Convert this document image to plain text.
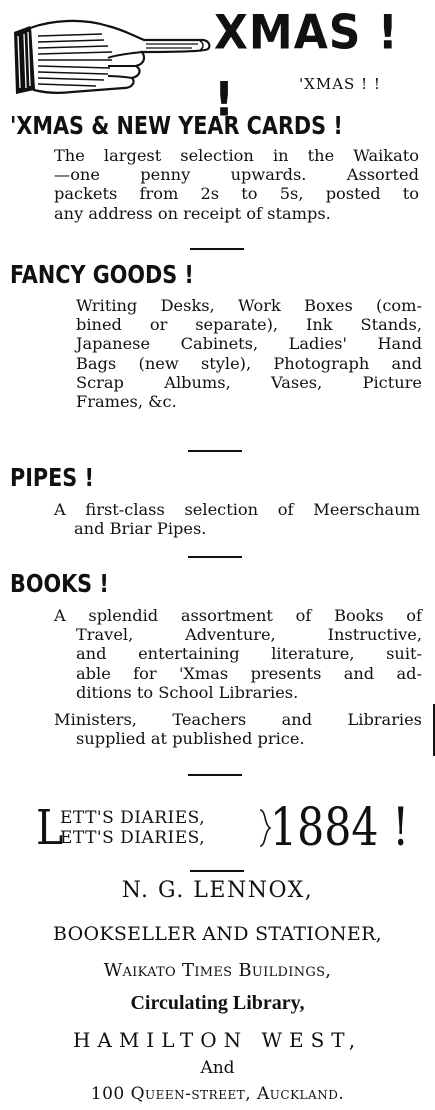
XMAS ! !	'XMAS ! !
'XMAS & NEW YEAR CARDS !
The largest selection in the Waikato
—one penny upwards. Assorted
packets from 2s to 5s, posted to
any address on receipt of stamps.
FANCY GOODS !
Writing Desks, Work Boxes (com-
bined or separate), Ink Stands,
Japanese Cabinets, Ladies' Hand
Bags (new style), Photograph and
Scrap Albums, Vases, Picture
Frames, &c.
PIPES !
A first-class selection of Meerschaum
and Briar Pipes.
BOOKS !
A splendid assortment of Books of
Travel, Adventure, Instructive,
and entertaining literature, suit-
able for 'Xmas presents and ad-
ditions to School Libraries.
Ministers, Teachers and Libraries
supplied at published price.
L
ETT'S DIARIES,
ETT'S DIARIES, 1884 !
N. G. LENNOX,
BOOKSELLER AND STATIONER,
Waikato Times Buildings,
Circulating Library,
HAMILTON WEST,
And
100 Queen-street, Auckland.
